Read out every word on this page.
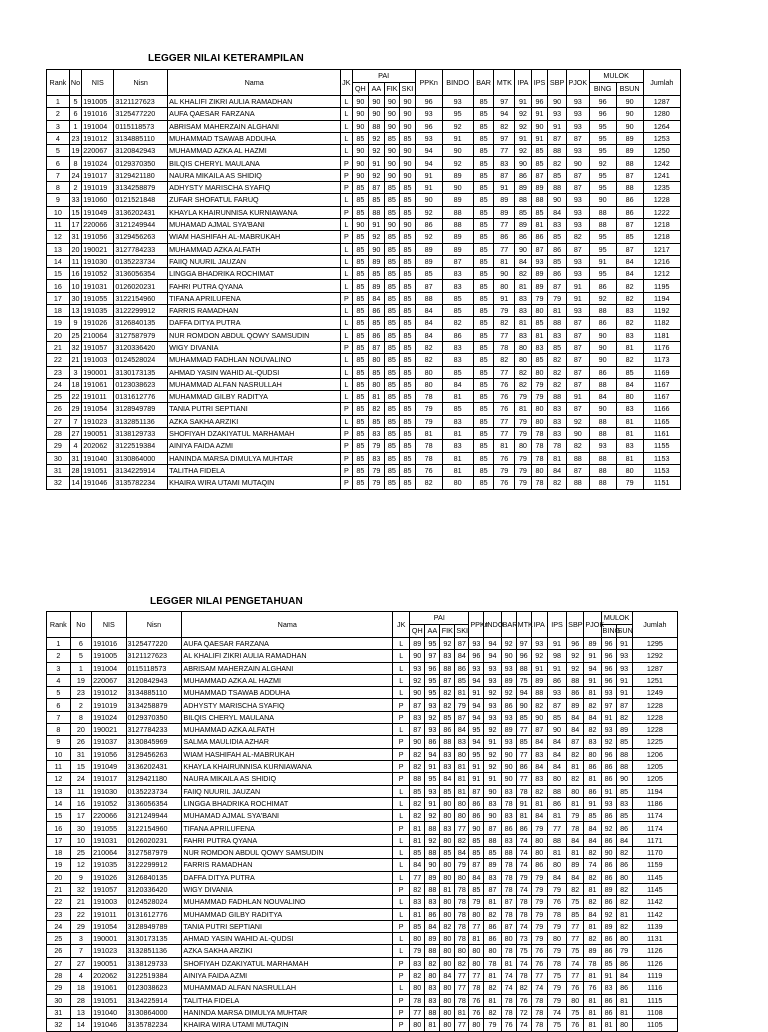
LEGGER NILAI KETERAMPILAN
Rank	No	NIS	Nisn	Nama	JK	PAI				PPKn	BINDO	BAR	MTK	IPA	IPS	SBP	PJOK	MULOK		Jumlah
						QH	AA	FIK	SKI									BING	BSUN	
1	5	191005	3121127623	AL KHALIFI ZIKRI AULIA RAMADHAN	L	90	90	90	90	96	93	85	97	91	96	90	93	96	90	1287
2	6	191016	3125477220	AUFA QAESAR FARZANA	L	90	90	90	90	93	95	85	94	92	91	93	93	96	90	1280
3	1	191004	0115118573	ABRISAM MAHERZAIN ALGHANI	L	90	88	90	90	96	92	85	82	92	90	91	93	95	90	1264
4	23	191012	3134885110	MUHAMMAD TSAWAB ADDUHA	L	85	92	85	85	93	91	85	97	91	91	87	87	95	89	1253
5	19	220067	3120842943	MUHAMMAD AZKA AL HAZMI	L	90	92	90	90	94	90	85	77	92	85	88	93	95	89	1250
6	8	191024	0129370350	BILQIS CHERYL MAULANA	P	90	91	90	90	94	92	85	83	90	85	82	90	92	88	1242
7	24	191017	3129421180	NAURA MIKAILA AS SHIDIQ	P	90	92	90	90	91	89	85	87	86	87	85	87	95	87	1241
8	2	191019	3134258879	ADHYSTY MARISCHA SYAFIQ	P	85	87	85	85	91	90	85	91	89	89	88	87	95	88	1235
9	33	191060	0121521848	ZUFAR SHOFATUL FARUQ	L	85	85	85	85	90	89	85	89	88	88	90	93	90	86	1228
10	15	191049	3136202431	KHAYLA KHAIRUNNISA KURNIAWANA	P	85	88	85	85	92	88	85	89	85	85	84	93	88	86	1222
11	17	220066	3121249944	MUHAMAD AJMAL SYA'BANI	L	90	91	90	90	86	88	85	77	89	81	83	93	88	87	1218
12	31	191056	3129456263	WIAM HASHIFAH AL-MABRUKAH	P	85	92	85	85	92	89	85	86	86	86	85	82	95	85	1218
13	20	190021	3127784233	MUHAMMAD AZKA ALFATH	L	85	90	85	85	89	89	85	77	90	87	86	87	95	87	1217
14	11	191030	0135223734	FAIIQ NUURIL JAUZAN	L	85	89	85	85	89	87	85	81	84	93	85	93	91	84	1216
15	16	191052	3136056354	LINGGA BHADRIKA ROCHIMAT	L	85	85	85	85	85	83	85	90	82	89	86	93	95	84	1212
16	10	191031	0126020231	FAHRI PUTRA QYANA	L	85	89	85	85	87	83	85	80	81	89	87	91	86	82	1195
17	30	191055	3122154960	TIFANA APRILUFENA	P	85	84	85	85	88	85	85	91	83	79	79	91	92	82	1194
18	13	191035	3122299912	FARRIS RAMADHAN	L	85	86	85	85	84	85	85	79	83	80	81	93	88	83	1192
19	9	191026	3126840135	DAFFA DITYA PUTRA	L	85	85	85	85	84	82	85	82	81	85	88	87	86	82	1182
20	25	210064	3127587979	NUR ROMDON ABDUL QOWY SAMSUDIN	L	85	86	85	85	84	86	85	77	83	81	83	87	90	83	1181
21	32	191057	3120336420	WIGY DIVANIA	P	85	87	85	85	82	83	85	78	80	83	85	87	90	81	1176
22	21	191003	0124528024	MUHAMMAD FADHLAN NOUVALINO	L	85	80	85	85	82	83	85	82	80	85	82	87	90	82	1173
23	3	190001	3130173135	AHMAD YASIN WAHID AL-QUDSI	L	85	85	85	85	80	85	85	77	82	80	82	87	86	85	1169
24	18	191061	0123038623	MUHAMMAD ALFAN NASRULLAH	L	85	80	85	85	80	84	85	76	82	79	82	87	88	84	1167
25	22	191011	0131612776	MUHAMMAD GILBY RADITYA	L	85	81	85	85	78	81	85	76	79	79	88	91	84	80	1167
26	29	191054	3128949789	TANIA PUTRI SEPTIANI	P	85	82	85	85	79	85	85	76	81	80	83	87	90	83	1166
27	7	191023	3132851136	AZKA SAKHA ARZIKI	L	85	85	85	85	79	83	85	77	79	80	83	92	88	81	1165
28	27	190051	3138129733	SHOFIYAH DZAKIYATUL MARHAMAH	P	85	83	85	85	81	81	85	77	79	78	83	90	88	81	1161
29	4	202062	3122519384	AINIYA FAIDA AZMI	P	85	79	85	85	78	83	85	81	80	78	78	82	93	83	1155
30	31	191040	3130864000	HANINDA MARSA DIMULYA MUHTAR	P	85	83	85	85	78	81	85	76	79	78	81	88	88	81	1153
31	28	191051	3134225914	TALITHA FIDELA	P	85	79	85	85	76	81	85	79	79	80	84	87	88	80	1153
32	14	191046	3135782234	KHAIRA WIRA UTAMI MUTAQIN	P	85	79	85	85	82	80	85	76	79	78	82	88	88	79	1151
LEGGER NILAI PENGETAHUAN
Rank	No	NIS	Nisn	Nama	JK	PAI				PPKn	INDO	BAR	MTK	IPA	IPS	SBP	PJOK	MULOK		Jumlah
						QH	AA	FIK	SKI									BING	SUN	
1	6	191016	3125477220	AUFA QAESAR FARZANA	L	89	95	92	87	93	94	92	97	93	91	96	89	96	91	1295
2	5	191005	3121127623	AL KHALIFI ZIKRI AULIA RAMADHAN	L	90	97	83	84	96	94	90	96	92	98	92	91	96	93	1292
3	1	191004	0115118573	ABRISAM MAHERZAIN ALGHANI	L	93	96	88	86	93	93	93	88	91	91	92	94	96	93	1287
4	19	220067	3120842943	MUHAMMAD AZKA AL HAZMI	L	92	95	87	85	94	93	89	75	89	86	88	91	96	91	1251
5	23	191012	3134885110	MUHAMMAD TSAWAB ADDUHA	L	90	95	82	81	91	92	92	94	88	93	86	81	93	91	1249
6	2	191019	3134258879	ADHYSTY MARISCHA SYAFIQ	P	87	93	82	79	94	93	86	90	82	87	89	82	97	87	1228
7	8	191024	0129370350	BILQIS CHERYL MAULANA	P	83	92	85	87	94	93	93	85	90	85	84	84	91	82	1228
8	20	190021	3127784233	MUHAMMAD AZKA ALFATH	L	87	93	86	84	95	92	89	77	87	90	84	82	93	89	1228
9	26	191037	3130845969	SALMA MAULIDIA AZHAR	P	90	86	88	83	94	91	93	85	84	84	87	83	92	85	1225
10	31	191056	3129456263	WIAM HASHIFAH AL-MABRUKAH	P	82	94	83	80	95	92	90	77	83	84	82	80	96	88	1206
11	15	191049	3136202431	KHAYLA KHAIRUNNISA KURNIAWANA	P	82	91	83	81	91	92	90	86	84	84	81	86	86	88	1205
12	24	191017	3129421180	NAURA MIKAILA AS SHIDIQ	P	88	95	84	81	91	91	90	77	83	80	82	81	86	90	1205
13	11	191030	0135223734	FAIIQ NUURIL JAUZAN	L	85	93	85	81	87	90	83	78	82	88	80	86	91	85	1194
14	16	191052	3136056354	LINGGA BHADRIKA ROCHIMAT	L	82	91	80	80	86	83	78	91	81	86	81	91	93	83	1186
15	17	220066	3121249944	MUHAMAD AJMAL SYA'BANI	L	82	92	80	80	86	90	83	81	84	81	79	85	86	85	1174
16	30	191055	3122154960	TIFANA APRILUFENA	P	81	88	83	77	90	87	86	86	79	77	78	84	92	86	1174
17	10	191031	0126020231	FAHRI PUTRA QYANA	L	81	92	80	82	85	88	83	74	80	88	84	84	86	84	1171
18	25	210064	3127587979	NUR ROMDON ABDUL QOWY SAMSUDIN	L	85	88	85	84	85	85	88	74	80	81	81	82	90	82	1170
19	12	191035	3122299912	FARRIS RAMADHAN	L	84	90	80	79	87	89	78	74	86	80	89	74	86	86	1159
20	9	191026	3126840135	DAFFA DITYA PUTRA	L	77	89	80	80	84	83	78	79	79	84	84	82	86	80	1145
21	32	191057	3120336420	WIGY DIVANIA	P	82	88	81	78	85	87	78	74	79	79	82	81	89	82	1145
22	21	191003	0124528024	MUHAMMAD FADHLAN NOUVALINO	L	83	83	80	78	79	81	87	78	79	76	75	82	86	82	1142
23	22	191011	0131612776	MUHAMMAD GILBY RADITYA	L	81	86	80	78	80	82	78	78	79	78	85	84	92	81	1142
24	29	191054	3128949789	TANIA PUTRI SEPTIANI	P	85	84	82	78	77	86	87	74	79	79	77	81	89	82	1139
25	3	190001	3130173135	AHMAD YASIN WAHID AL-QUDSI	L	80	89	80	78	81	86	80	73	79	80	77	82	86	80	1131
26	7	191023	3132851136	AZKA SAKHA ARZIKI	L	79	88	80	80	80	80	78	75	76	79	75	89	86	79	1126
27	27	190051	3138129733	SHOFIYAH DZAKIYATUL MARHAMAH	P	83	82	80	82	80	78	81	74	76	78	74	78	85	86	1126
28	4	202062	3122519384	AINIYA FAIDA AZMI	P	82	80	84	77	77	81	74	78	77	75	77	81	91	84	1119
29	18	191061	0123038623	MUHAMMAD ALFAN NASRULLAH	L	80	83	80	77	78	82	74	82	74	79	76	76	83	86	1116
30	28	191051	3134225914	TALITHA FIDELA	P	78	83	80	78	76	81	78	76	78	79	80	81	86	81	1115
31	13	191040	3130864000	HANINDA MARSA DIMULYA MUHTAR	P	77	88	80	81	76	82	78	72	78	74	75	81	86	81	1108
32	14	191046	3135782234	KHAIRA WIRA UTAMI MUTAQIN	P	80	81	80	77	80	79	76	74	78	75	76	81	81	80	1105
